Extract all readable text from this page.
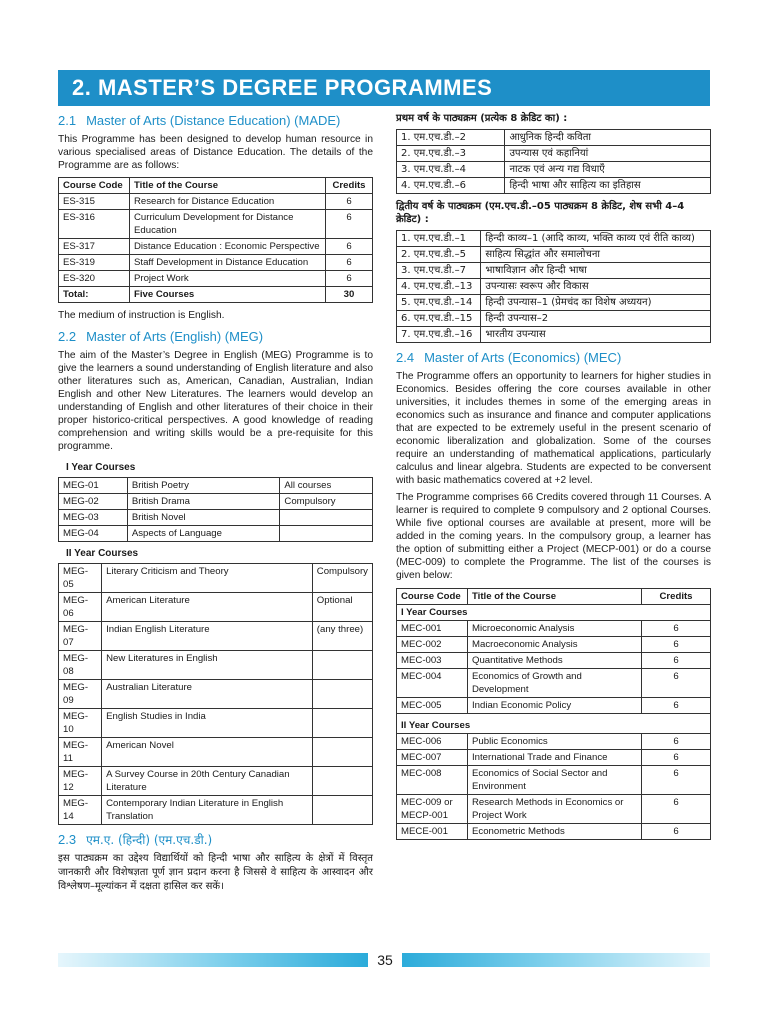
2. MASTER’S DEGREE PROGRAMMES
2.1 Master of Arts (Distance Education) (MADE)

This Programme has been designed to develop human resource in various specialised areas of Distance Education. The details of the Programme are as follows:

Course Code	Title of the Course	Credits
ES-315	Research for Distance Education	6
ES-316	Curriculum Development for Distance Education	6
ES-317	Distance Education : Economic Perspective	6
ES-319	Staff Development in Distance Education	6
ES-320	Project Work	6
Total:	Five Courses	30

The medium of instruction is English.

2.2 Master of Arts (English) (MEG)

The aim of the Master’s Degree in English (MEG) Programme is to give the learners a sound understanding of English literature and also other literatures such as, American, Canadian, Australian, Indian English and other New Literatures. The learners would develop an understanding of English and other literatures of their choice in their proper historico-critical perspectives. A good knowledge of reading comprehension and writing skills would be a pre-requisite for this programme.

I Year Courses
MEG-01	British Poetry	All courses
MEG-02	British Drama	Compulsory
MEG-03	British Novel	
MEG-04	Aspects of Language	
II Year Courses
MEG-05	Literary Criticism and Theory	Compulsory
MEG-06	American Literature	Optional
MEG-07	Indian English Literature	(any three)
MEG-08	New Literatures in English	
MEG-09	Australian Literature	
MEG-10	English Studies in India	
MEG-11	American Novel	
MEG-12	A Survey Course in 20th Century Canadian Literature	
MEG-14	Contemporary Indian Literature in English Translation	
2.3 एम.ए. (हिन्दी) (एम.एच.डी.)

इस पाठ्यक्रम का उद्देश्य विद्यार्थियों को हिन्दी भाषा और साहित्य के क्षेत्रों में विस्तृत जानकारी और विशेषज्ञता पूर्ण ज्ञान प्रदान करना है जिससे वे साहित्य के आस्वादन और विश्लेषण–मूल्यांकन में दक्षता हासिल कर सकें।

प्रथम वर्ष के पाठ्यक्रम (प्रत्येक 8 क्रेडिट का) :
1. एम.एच.डी.–2	आधुनिक हिन्दी कविता
2. एम.एच.डी.–3	उपन्यास एवं कहानियां
3. एम.एच.डी.–4	नाटक एवं अन्य गद्य विधाएँ
4. एम.एच.डी.–6	हिन्दी भाषा और साहित्य का इतिहास
द्वितीय वर्ष के पाठ्यक्रम (एम.एच.डी.–05 पाठ्यक्रम 8 क्रेडिट, शेष सभी 4–4 क्रेडिट) :
1. एम.एच.डी.–1	हिन्दी काव्य–1 (आदि काव्य, भक्ति काव्य एवं रीति काव्य)
2. एम.एच.डी.–5	साहित्य सिद्धांत और समालोचना
3. एम.एच.डी.–7	भाषाविज्ञान और हिन्दी भाषा
4. एम.एच.डी.–13	उपन्यासः स्वरूप और विकास
5. एम.एच.डी.–14	हिन्दी उपन्यास–1 (प्रेमचंद का विशेष अध्ययन)
6. एम.एच.डी.–15	हिन्दी उपन्यास–2
7. एम.एच.डी.–16	भारतीय उपन्यास
2.4 Master of Arts (Economics) (MEC)

The Programme offers an opportunity to learners for higher studies in Economics. Besides offering the core courses available in other universities, it includes themes in some of the emerging areas in economics such as insurance and finance and computer applications that are expected to be extremely useful in the present scenario of economic liberalization and globalization. Some of the courses require an understanding of mathematical applications, particularly calculus and linear algebra. Students are expected to be conversent with basic mathematics covered at +2 level.

The Programme comprises 66 Credits covered through 11 Courses. A learner is required to complete 9 compulsory and 2 optional Courses. While five optional courses are available at present, more will be added in the coming years. In the compulsory group, a learner has the option of submitting either a Project (MECP-001) or do a course (MEC-009) to complete the Programme. The list of the courses is given below:

Course Code	Title of the Course	Credits
I Year Courses		
MEC-001	Microeconomic Analysis	6
MEC-002	Macroeconomic Analysis	6
MEC-003	Quantitative Methods	6
MEC-004	Economics of Growth and Development	6
MEC-005	Indian Economic Policy	6
II Year Courses		
MEC-006	Public Economics	6
MEC-007	International Trade and Finance	6
MEC-008	Economics of Social Sector and Environment	6
MEC-009 or MECP-001	Research Methods in Economics or Project Work	6
MECE-001	Econometric Methods	6
35
